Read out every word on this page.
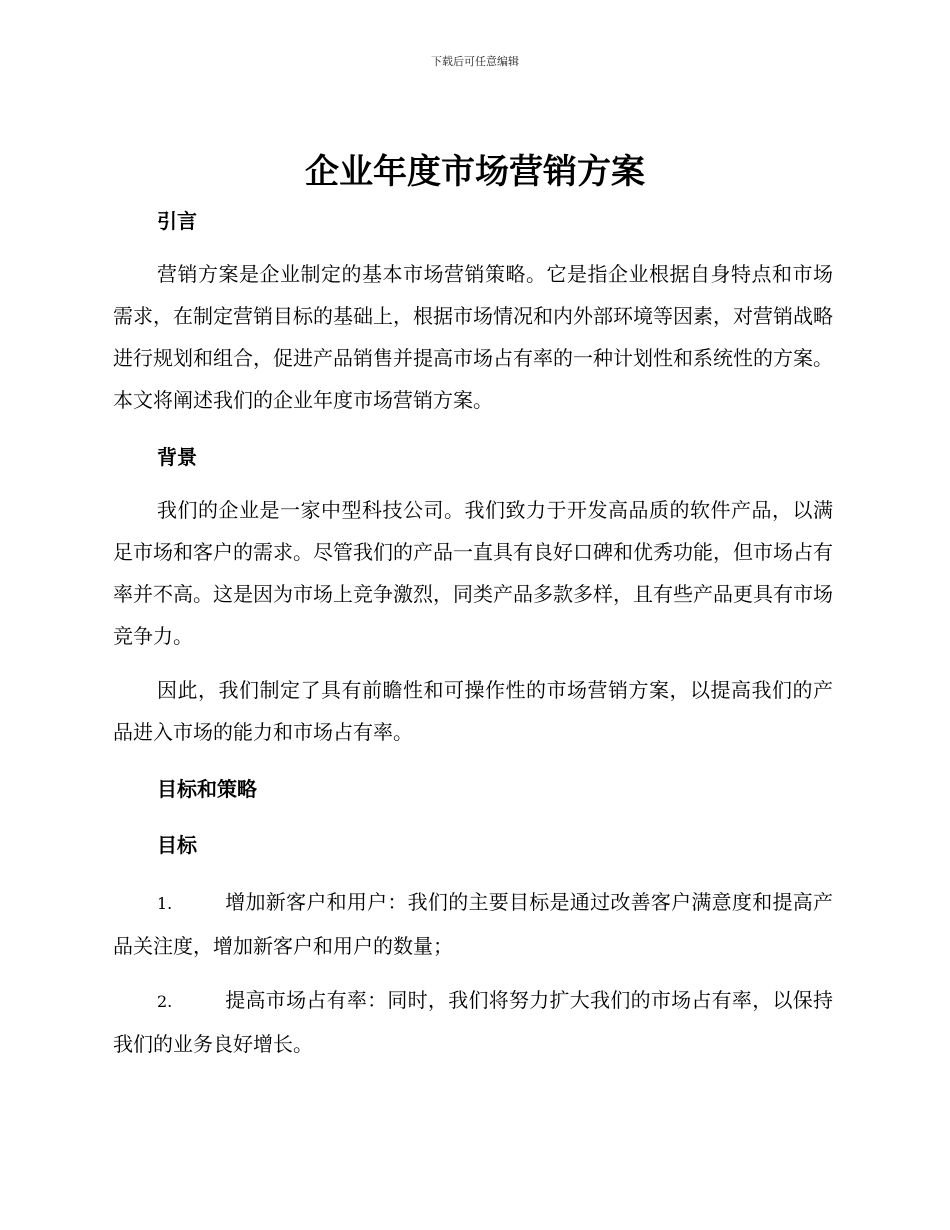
下载后可任意编辑
企业年度市场营销方案
引言

营销方案是企业制定的基本市场营销策略。它是指企业根据自身特点和市场需求，在制定营销目标的基础上，根据市场情况和内外部环境等因素，对营销战略进行规划和组合，促进产品销售并提高市场占有率的一种计划性和系统性的方案。本文将阐述我们的企业年度市场营销方案。

背景

我们的企业是一家中型科技公司。我们致力于开发高品质的软件产品，以满足市场和客户的需求。尽管我们的产品一直具有良好口碑和优秀功能，但市场占有率并不高。这是因为市场上竞争激烈，同类产品多款多样，且有些产品更具有市场竞争力。

因此，我们制定了具有前瞻性和可操作性的市场营销方案，以提高我们的产品进入市场的能力和市场占有率。

目标和策略
目标

1.	增加新客户和用户：我们的主要目标是通过改善客户满意度和提高产品关注度，增加新客户和用户的数量；

2.	提高市场占有率：同时，我们将努力扩大我们的市场占有率，以保持我们的业务良好增长。
